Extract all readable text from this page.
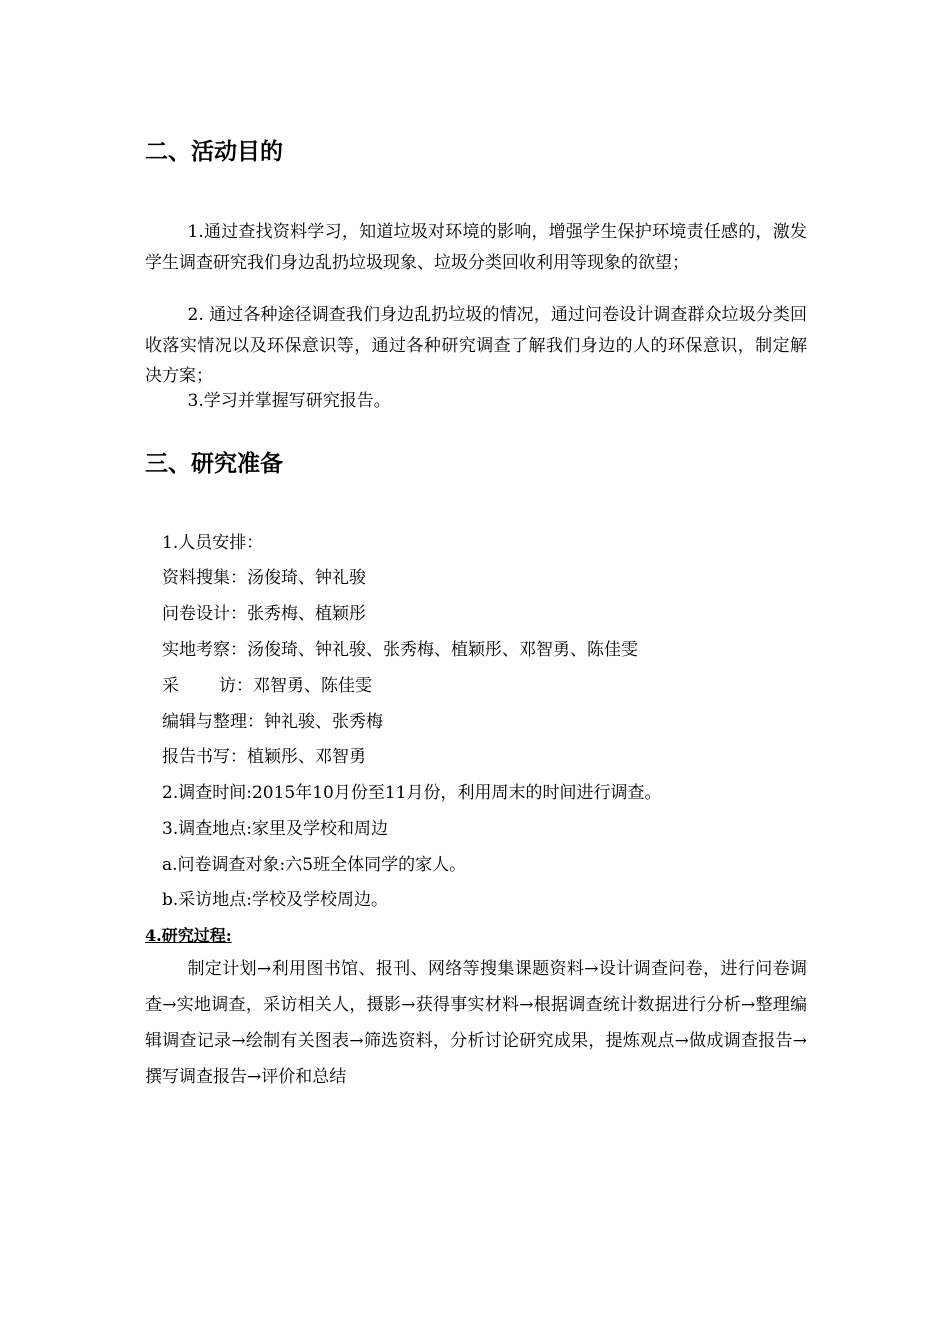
二、活动目的

1.通过查找资料学习，知道垃圾对环境的影响，增强学生保护环境责任感的，激发学生调查研究我们身边乱扔垃圾现象、垃圾分类回收利用等现象的欲望；

2. 通过各种途径调查我们身边乱扔垃圾的情况，通过问卷设计调查群众垃圾分类回收落实情况以及环保意识等，通过各种研究调查了解我们身边的人的环保意识，制定解决方案；

3.学习并掌握写研究报告。

三、研究准备

1.人员安排：

资料搜集：汤俊琦、钟礼骏

问卷设计：张秀梅、植颖彤

实地考察：汤俊琦、钟礼骏、张秀梅、植颖彤、邓智勇、陈佳雯

采 访：邓智勇、陈佳雯

编辑与整理：钟礼骏、张秀梅

报告书写：植颖彤、邓智勇

2.调查时间:2015年10月份至11月份，利用周末的时间进行调查。

3.调查地点:家里及学校和周边

a.问卷调查对象:六5班全体同学的家人。

b.采访地点:学校及学校周边。

4.研究过程:

制定计划→利用图书馆、报刊、网络等搜集课题资料→设计调查问卷，进行问卷调查→实地调查，采访相关人，摄影→获得事实材料→根据调查统计数据进行分析→整理编辑调查记录→绘制有关图表→筛选资料，分析讨论研究成果，提炼观点→做成调查报告→撰写调查报告→评价和总结
